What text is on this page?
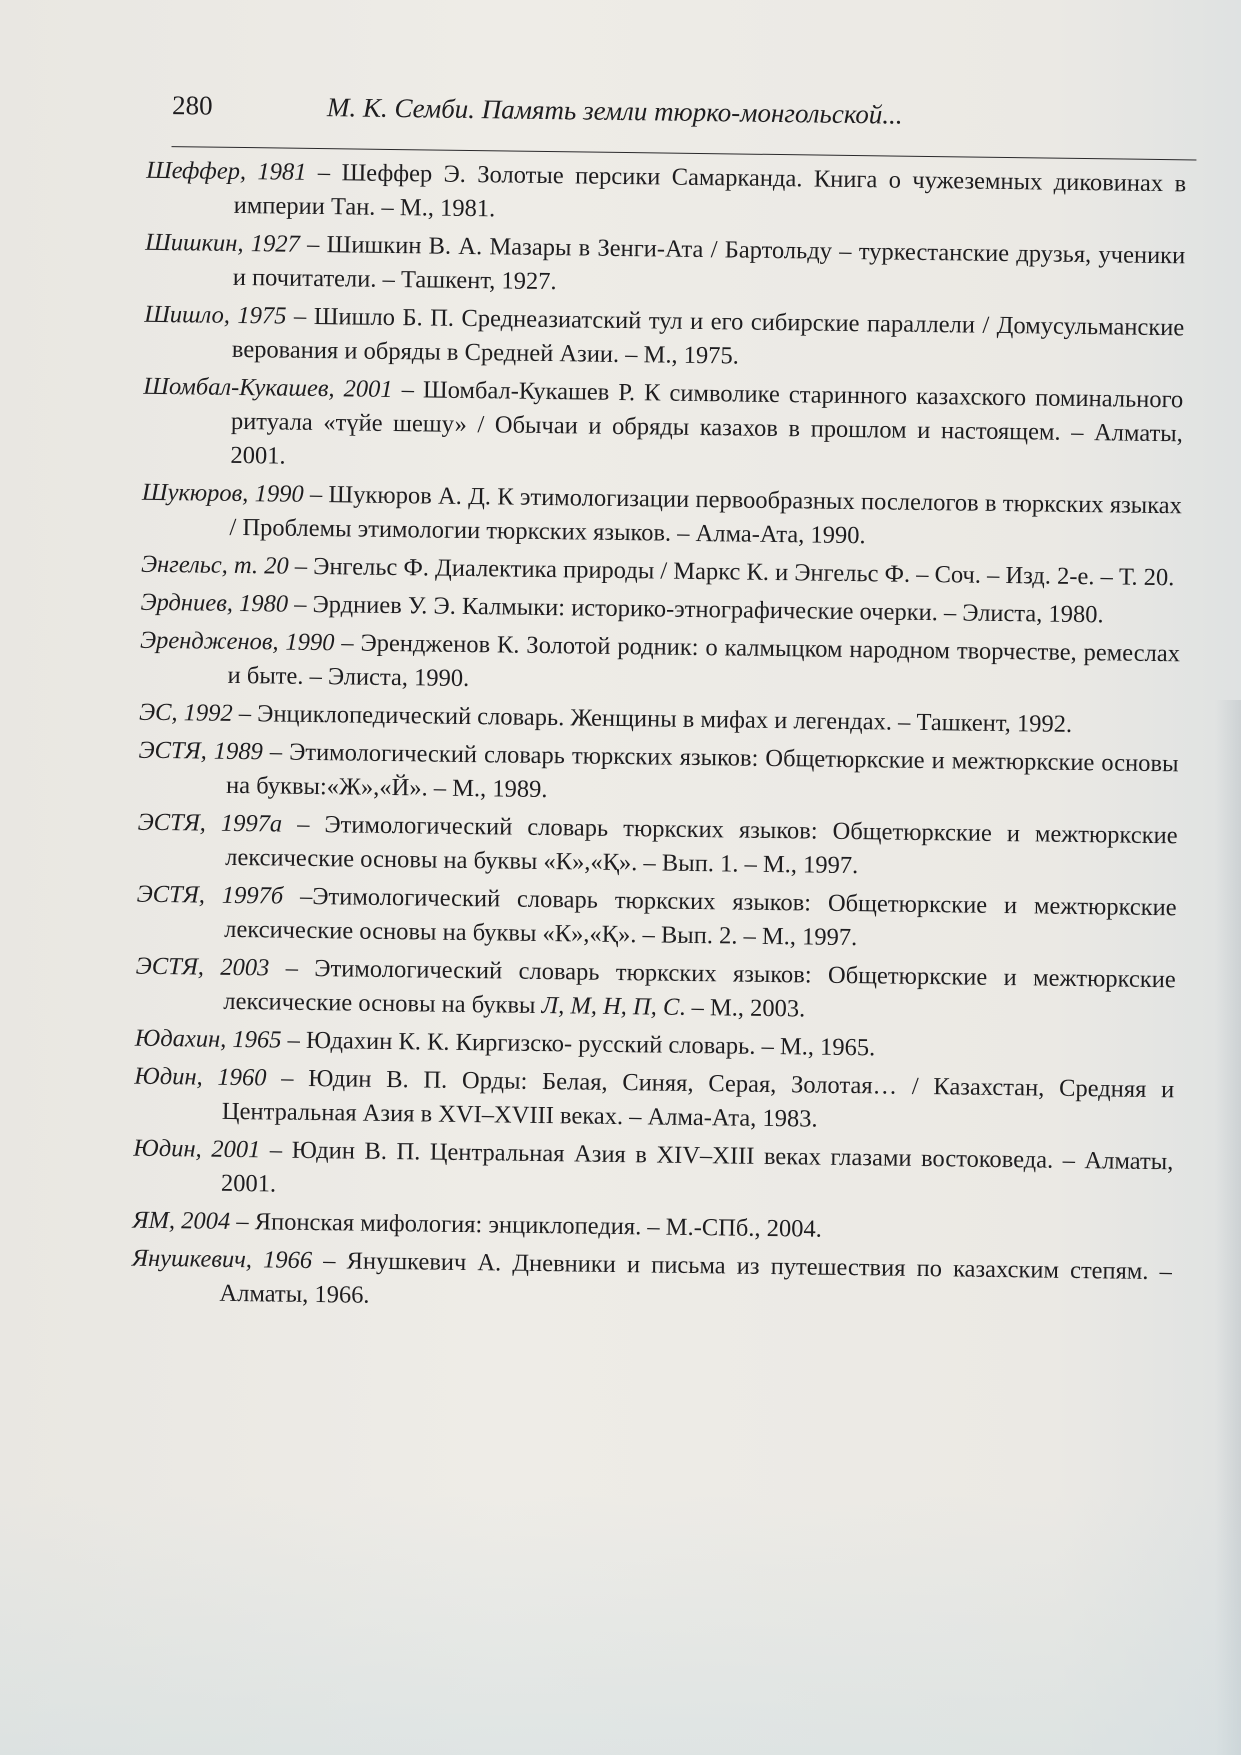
280	М. К. Семби. Память земли тюрко-монгольской...
Шеффер, 1981 – Шеффер Э. Золотые персики Самарканда. Книга о чужеземных диковинах в империи Тан. – М., 1981.
Шишкин, 1927 – Шишкин В. А. Мазары в Зенги-Ата / Бартольду – туркестанские друзья, ученики и почитатели. – Ташкент, 1927.
Шишло, 1975 – Шишло Б. П. Среднеазиатский тул и его сибирские параллели / Домусульманские верования и обряды в Средней Азии. – М., 1975.
Шомбал-Кукашев, 2001 – Шомбал-Кукашев Р. К символике старинного казахского поминального ритуала «түйе шешу» / Обычаи и обряды казахов в прошлом и настоящем. – Алматы, 2001.
Шукюров, 1990 – Шукюров А. Д. К этимологизации первообразных послелогов в тюркских языках / Проблемы этимологии тюркских языков. – Алма-Ата, 1990.
Энгельс, т. 20 – Энгельс Ф. Диалектика природы / Маркс К. и Энгельс Ф. – Соч. – Изд. 2-е. – Т. 20.
Эрдниев, 1980 – Эрдниев У. Э. Калмыки: историко-этнографические очерки. – Элиста, 1980.
Эренджeнов, 1990 – Эренджeнов К. Золотой родник: о калмыцком народном творчестве, ремеслах и быте. – Элиста, 1990.
ЭС, 1992 – Энциклопедический словарь. Женщины в мифах и легендах. – Ташкент, 1992.
ЭСТЯ, 1989 – Этимологический словарь тюркских языков: Общетюркские и межтюркские основы на буквы:«Ж»,«Й». – М., 1989.
ЭСТЯ, 1997а – Этимологический словарь тюркских языков: Общетюркские и межтюркские лексические основы на буквы «К»,«Қ». – Вып. 1. – М., 1997.
ЭСТЯ, 1997б –Этимологический словарь тюркских языков: Общетюркские и межтюркские лексические основы на буквы «К»,«Қ». – Вып. 2. – М., 1997.
ЭСТЯ, 2003 – Этимологический словарь тюркских языков: Общетюркские и межтюркские лексические основы на буквы Л, М, Н, П, С. – М., 2003.
Юдахин, 1965 – Юдахин К. К. Киргизско- русский словарь. – М., 1965.
Юдин, 1960 – Юдин В. П. Орды: Белая, Синяя, Серая, Золотая… / Казахстан, Средняя и Центральная Азия в XVI–XVIII веках. – Алма-Ата, 1983.
Юдин, 2001 – Юдин В. П. Центральная Азия в XIV–XIII веках глазами востоковеда. – Алматы, 2001.
ЯМ, 2004 – Японская мифология: энциклопедия. – М.-СПб., 2004.
Янушкевич, 1966 – Янушкевич А. Дневники и письма из путешествия по казахским степям. – Алматы, 1966.
